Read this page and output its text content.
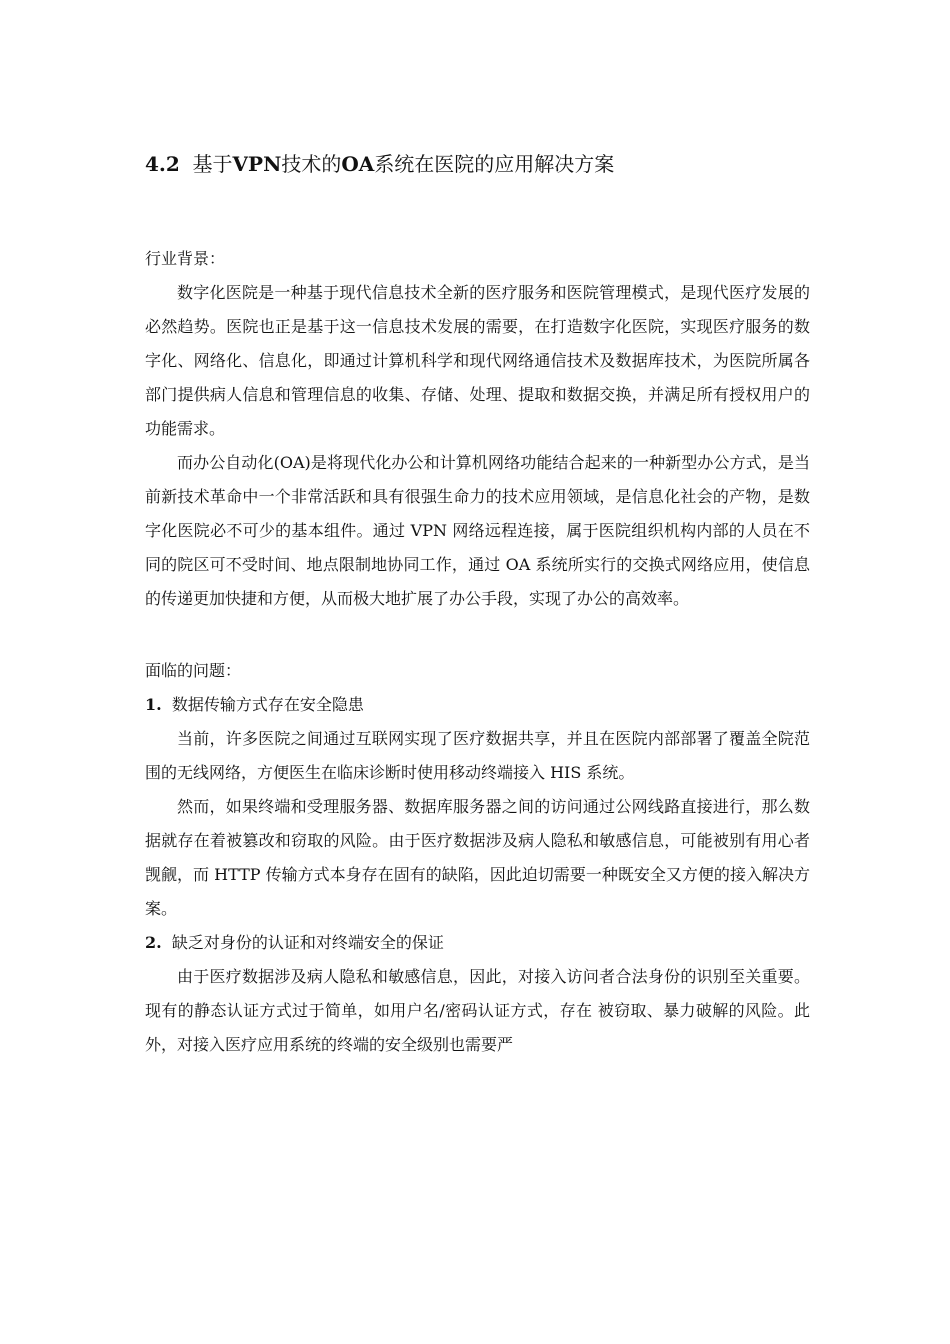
4.2 基于VPN技术的OA系统在医院的应用解决方案

行业背景：

数字化医院是一种基于现代信息技术全新的医疗服务和医院管理模式，是现代医疗发展的必然趋势。医院也正是基于这一信息技术发展的需要，在打造数字化医院，实现医疗服务的数字化、网络化、信息化，即通过计算机科学和现代网络通信技术及数据库技术，为医院所属各部门提供病人信息和管理信息的收集、存储、处理、提取和数据交换，并满足所有授权用户的功能需求。

而办公自动化(OA)是将现代化办公和计算机网络功能结合起来的一种新型办公方式，是当前新技术革命中一个非常活跃和具有很强生命力的技术应用领域，是信息化社会的产物，是数字化医院必不可少的基本组件。通过 VPN 网络远程连接，属于医院组织机构内部的人员在不同的院区可不受时间、地点限制地协同工作，通过 OA 系统所实行的交换式网络应用，使信息的传递更加快捷和方便，从而极大地扩展了办公手段，实现了办公的高效率。

面临的问题：

1. 数据传输方式存在安全隐患

当前，许多医院之间通过互联网实现了医疗数据共享，并且在医院内部部署了覆盖全院范围的无线网络，方便医生在临床诊断时使用移动终端接入 HIS 系统。

然而，如果终端和受理服务器、数据库服务器之间的访问通过公网线路直接进行，那么数据就存在着被篡改和窃取的风险。由于医疗数据涉及病人隐私和敏感信息，可能被别有用心者觊觎，而 HTTP 传输方式本身存在固有的缺陷，因此迫切需要一种既安全又方便的接入解决方案。

2. 缺乏对身份的认证和对终端安全的保证

由于医疗数据涉及病人隐私和敏感信息，因此，对接入访问者合法身份的识别至关重要。现有的静态认证方式过于简单，如用户名/密码认证方式，存在 被窃取、暴力破解的风险。此外，对接入医疗应用系统的终端的安全级别也需要严
